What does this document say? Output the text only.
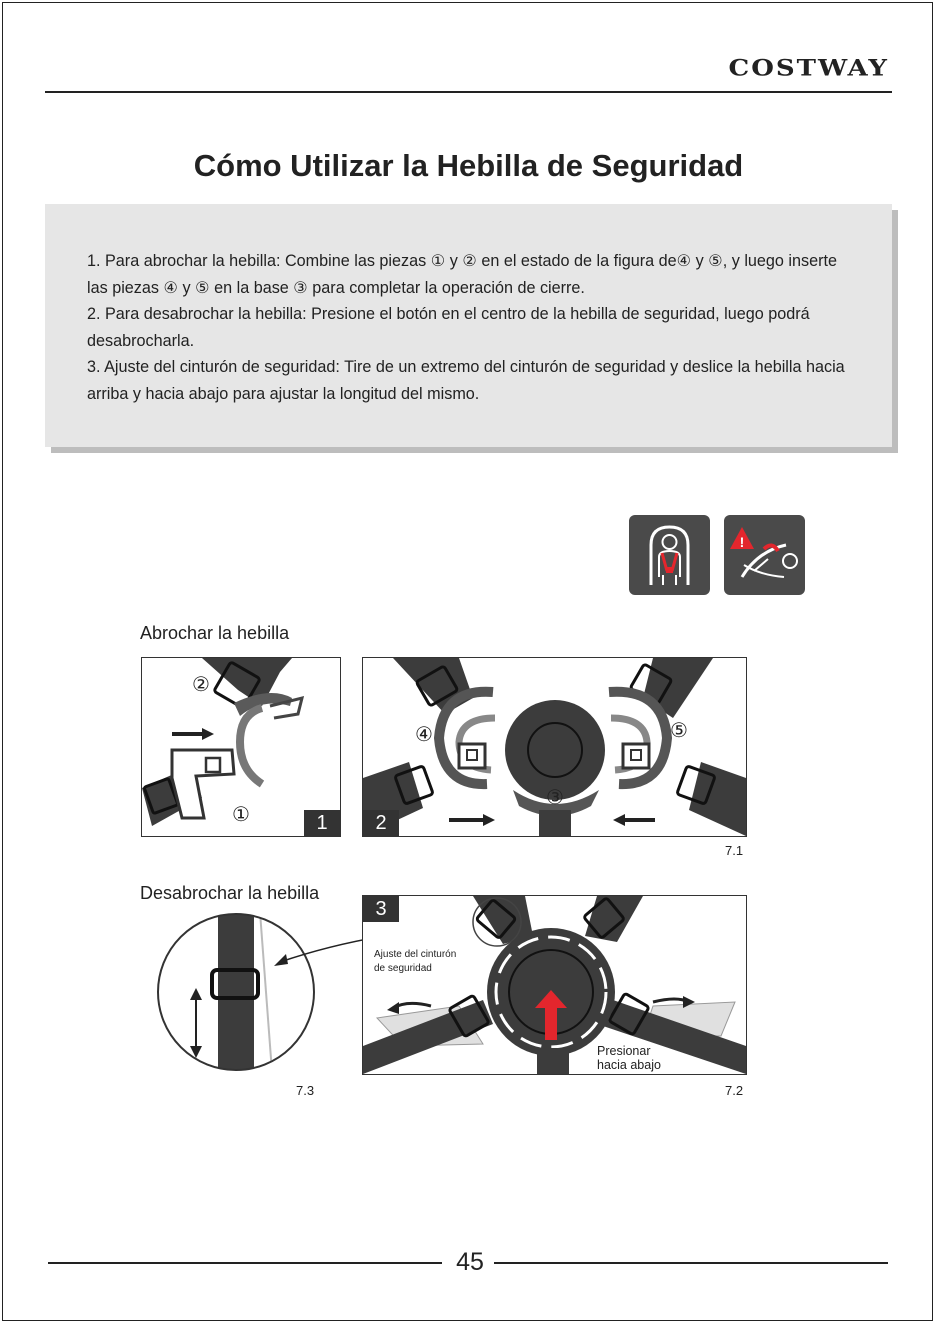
COSTWAY
Cómo Utilizar la Hebilla de Seguridad

1. Para abrochar la hebilla: Combine las piezas ① y ② en el estado de la figura de④ y ⑤, y luego inserte las piezas ④ y ⑤ en la base ③ para completar la operación de cierre.

2. Para desabrochar la hebilla: Presione el botón en el centro de la hebilla de seguridad, luego podrá desabrocharla.

3. Ajuste del cinturón de seguridad: Tire de un extremo del cinturón de seguridad y deslice la hebilla hacia arriba y hacia abajo para ajustar la longitud del mismo.

!
Abrochar la hebilla
②
①	1
④
③
⑤
2
7.1
Desabrochar la hebilla
7.3
Ajuste del cinturón de seguridad
Presionar
hacia abajo
3
7.2
45
